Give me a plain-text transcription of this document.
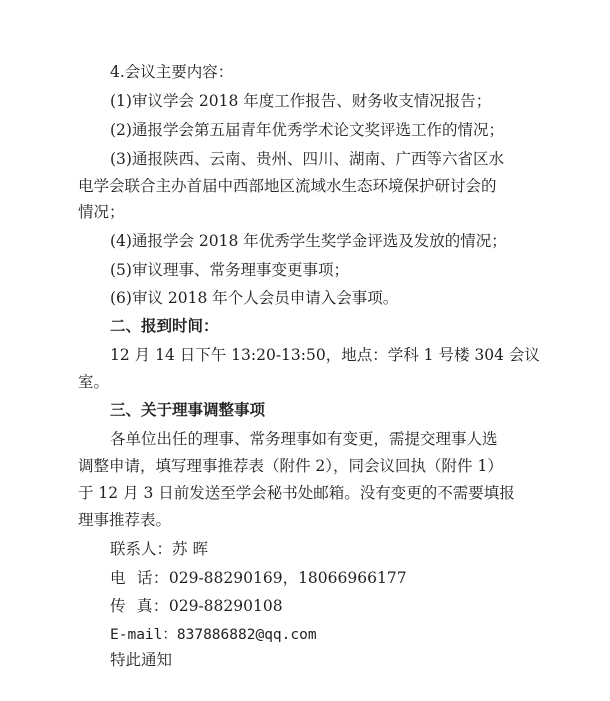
4.会议主要内容：
(1)审议学会 2018 年度工作报告、财务收支情况报告；
(2)通报学会第五届青年优秀学术论文奖评选工作的情况；
(3)通报陕西、云南、贵州、四川、湖南、广西等六省区水
电学会联合主办首届中西部地区流域水生态环境保护研讨会的
情况；
(4)通报学会 2018 年优秀学生奖学金评选及发放的情况；
(5)审议理事、常务理事变更事项；
(6)审议 2018 年个人会员申请入会事项。
二、报到时间：
12 月 14 日下午 13:20-13:50，地点：学科 1 号楼 304 会议
室。
三、关于理事调整事项
各单位出任的理事、常务理事如有变更，需提交理事人选
调整申请，填写理事推荐表（附件 2），同会议回执（附件 1）
于 12 月 3 日前发送至学会秘书处邮箱。没有变更的不需要填报
理事推荐表。
联系人：苏 晖
电  话：029-88290169，18066966177
传  真：029-88290108
E-mail：837886882@qq.com
特此通知
